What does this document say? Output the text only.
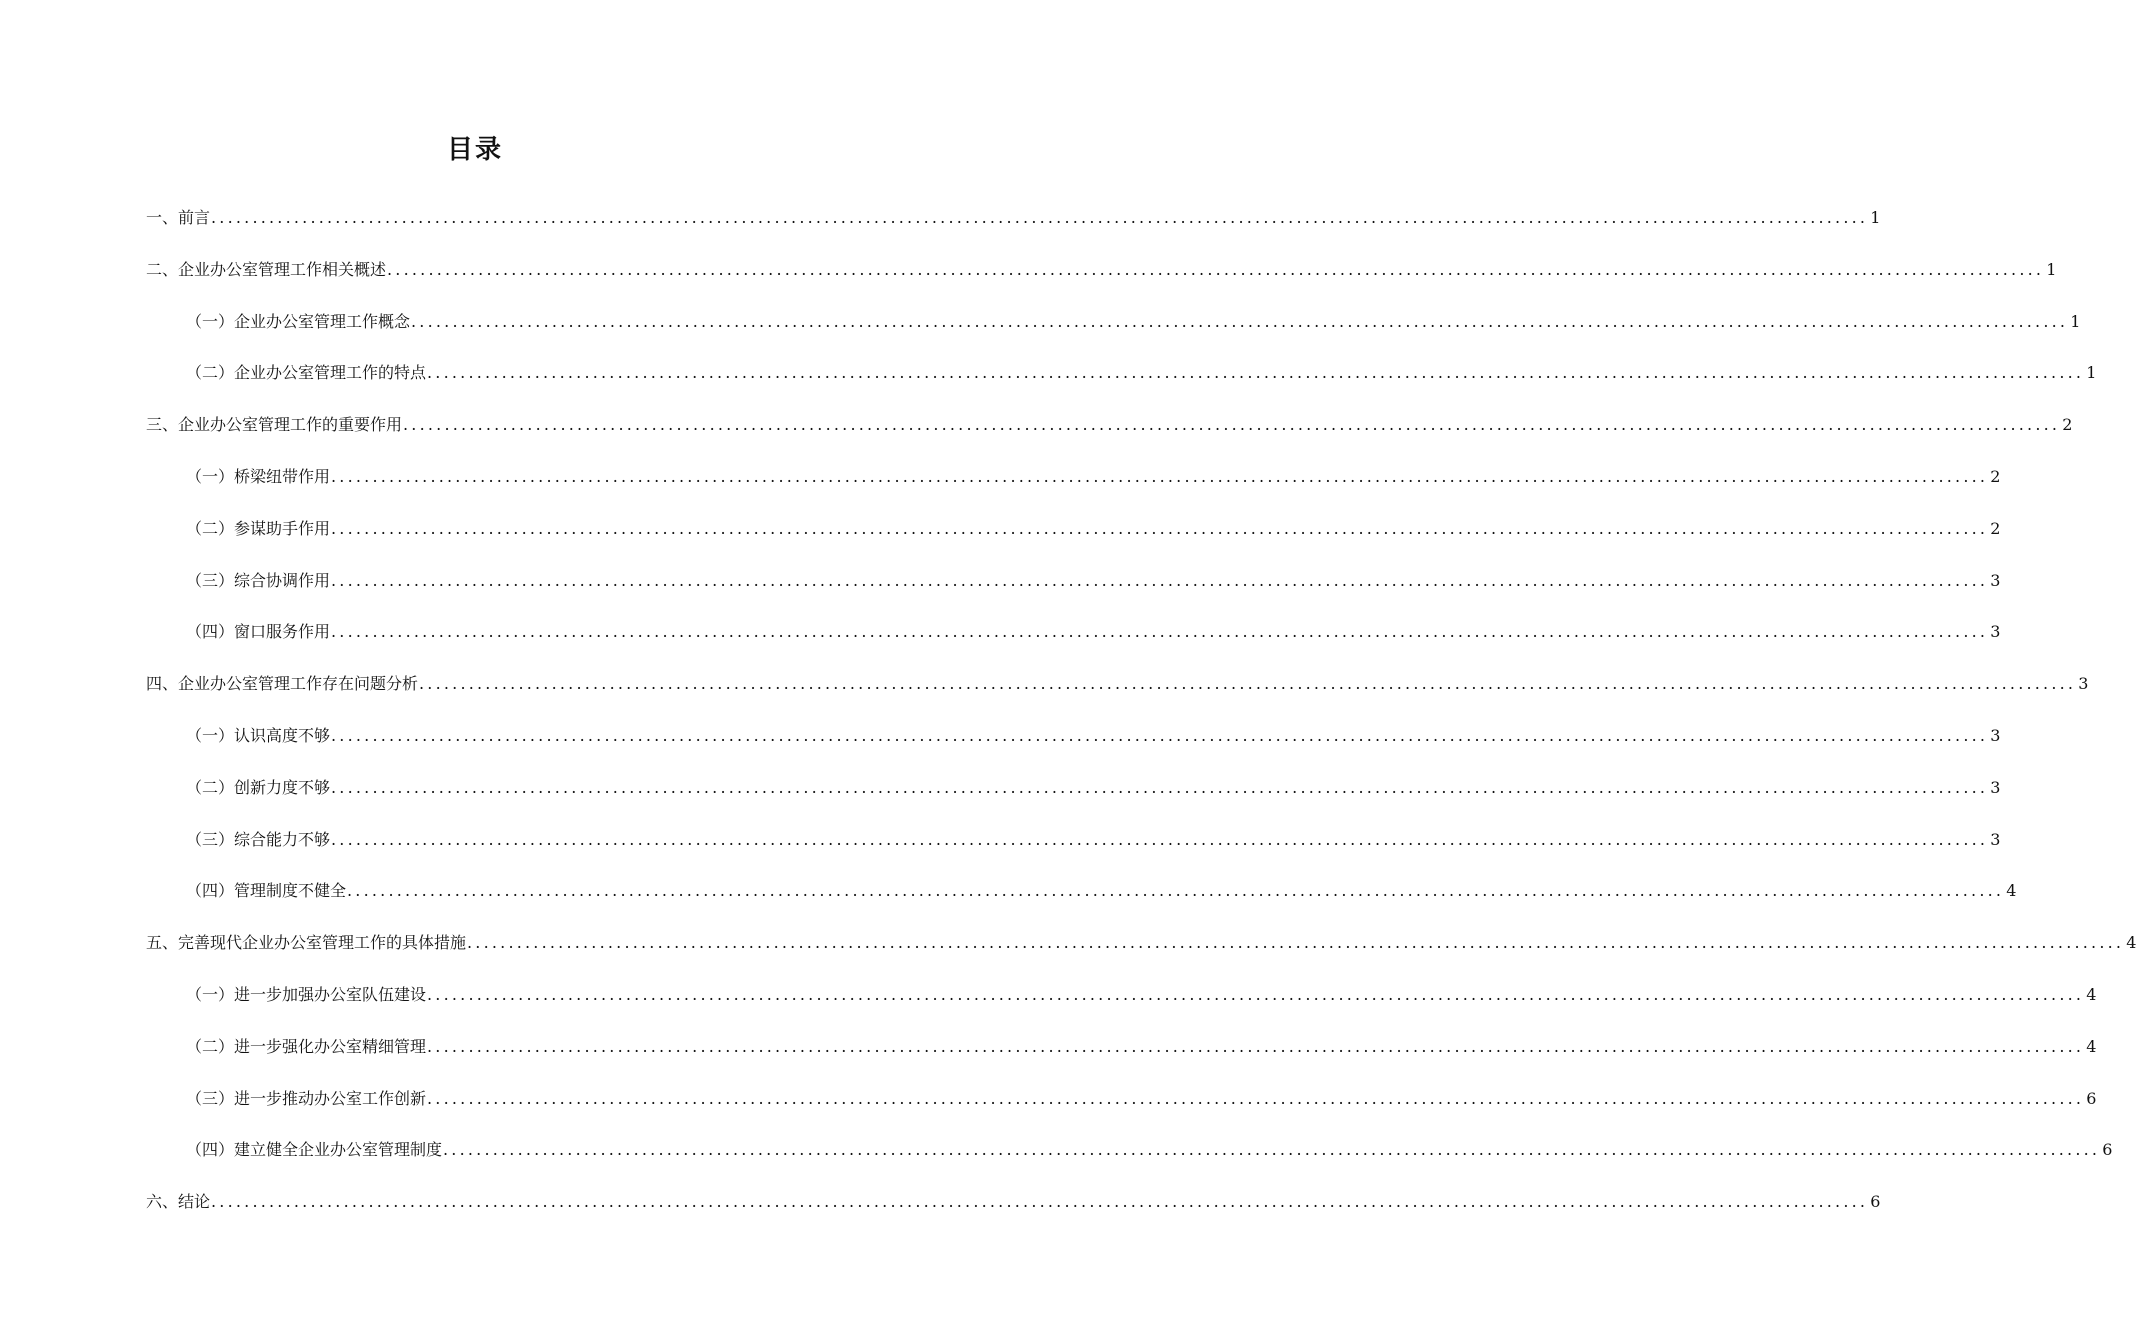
目录
一、前言 ........................................................................................................................................................................................................ 1
二、企业办公室管理工作相关概述 ........................................................................................................................................................................................................ 1
（一）企业办公室管理工作概念 ........................................................................................................................................................................................................ 1
（二）企业办公室管理工作的特点 ........................................................................................................................................................................................................ 1
三、企业办公室管理工作的重要作用 ........................................................................................................................................................................................................ 2
（一）桥梁纽带作用 ........................................................................................................................................................................................................ 2
（二）参谋助手作用 ........................................................................................................................................................................................................ 2
（三）综合协调作用 ........................................................................................................................................................................................................ 3
（四）窗口服务作用 ........................................................................................................................................................................................................ 3
四、企业办公室管理工作存在问题分析 ........................................................................................................................................................................................................ 3
（一）认识高度不够 ........................................................................................................................................................................................................ 3
（二）创新力度不够 ........................................................................................................................................................................................................ 3
（三）综合能力不够 ........................................................................................................................................................................................................ 3
（四）管理制度不健全 ........................................................................................................................................................................................................ 4
五、完善现代企业办公室管理工作的具体措施 ........................................................................................................................................................................................................ 4
（一）进一步加强办公室队伍建设 ........................................................................................................................................................................................................ 4
（二）进一步强化办公室精细管理 ........................................................................................................................................................................................................ 4
（三）进一步推动办公室工作创新 ........................................................................................................................................................................................................ 6
（四）建立健全企业办公室管理制度 ........................................................................................................................................................................................................ 6
六、结论 ........................................................................................................................................................................................................ 6
